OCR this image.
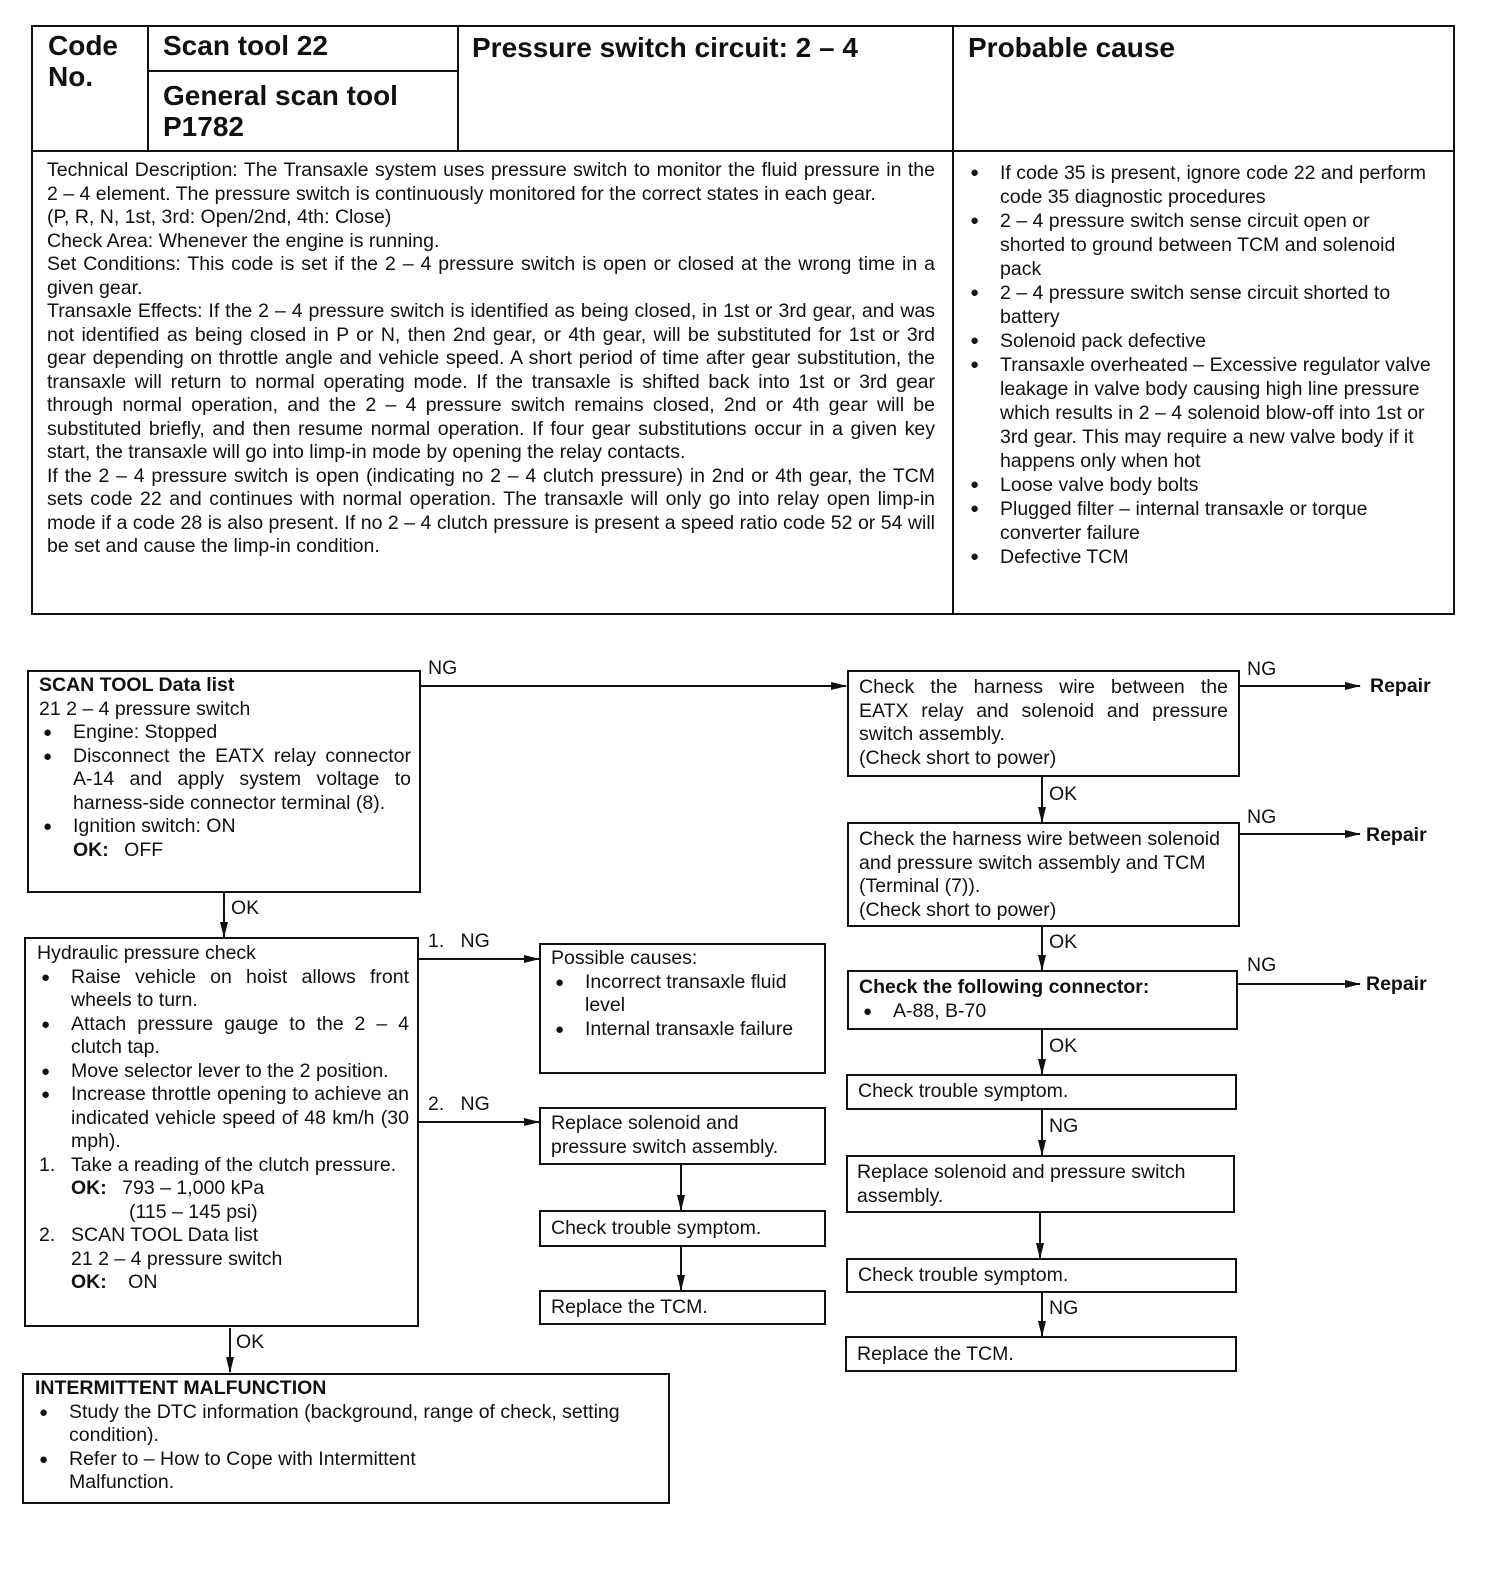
Code No.
Scan tool 22
General scan tool P1782
Pressure switch circuit: 2 – 4	Probable cause
Technical Description: The Transaxle system uses pressure switch to monitor the fluid pressure in the 2 – 4 element. The pressure switch is continuously monitored for the correct states in each gear.
(P, R, N, 1st, 3rd: Open/2nd, 4th: Close)
Check Area: Whenever the engine is running.
Set Conditions: This code is set if the 2 – 4 pressure switch is open or closed at the wrong time in a given gear.
Transaxle Effects: If the 2 – 4 pressure switch is identified as being closed, in 1st or 3rd gear, and was not identified as being closed in P or N, then 2nd gear, or 4th gear, will be substituted for 1st or 3rd gear depending on throttle angle and vehicle speed. A short period of time after gear substitution, the transaxle will return to normal operating mode. If the transaxle is shifted back into 1st or 3rd gear through normal operation, and the 2 – 4 pressure switch remains closed, 2nd or 4th gear will be substituted briefly, and then resume normal operation. If four gear substitutions occur in a given key start, the transaxle will go into limp-in mode by opening the relay contacts.
If the 2 – 4 pressure switch is open (indicating no 2 – 4 clutch pressure) in 2nd or 4th gear, the TCM sets code 22 and continues with normal operation. The transaxle will only go into relay open limp-in mode if a code 28 is also present. If no 2 – 4 clutch pressure is present a speed ratio code 52 or 54 will be set and cause the limp-in condition.
● If code 35 is present, ignore code 22 and perform code 35 diagnostic procedures
● 2 – 4 pressure switch sense circuit open or shorted to ground between TCM and solenoid pack
● 2 – 4 pressure switch sense circuit shorted to battery
● Solenoid pack defective
● Transaxle overheated – Excessive regulator valve leakage in valve body causing high line pressure which results in 2 – 4 solenoid blow-off into 1st or 3rd gear. This may require a new valve body if it happens only when hot
● Loose valve body bolts
● Plugged filter – internal transaxle or torque converter failure
● Defective TCM
SCAN TOOL Data list
21 2 – 4 pressure switch
● Engine: Stopped
● Disconnect the EATX relay connector A-14 and apply system voltage to harness-side connector terminal (8).
● Ignition switch: ON
OK: OFF
Hydraulic pressure check
● Raise vehicle on hoist allows front wheels to turn.
● Attach pressure gauge to the 2 – 4 clutch tap.
● Move selector lever to the 2 position.
● Increase throttle opening to achieve an indicated vehicle speed of 48 km/h (30 mph).
1. Take a reading of the clutch pressure.
OK: 793 – 1,000 kPa
(115 – 145 psi)
2. SCAN TOOL Data list
21 2 – 4 pressure switch
OK: ON
INTERMITTENT MALFUNCTION
● Study the DTC information (background, range of check, setting condition).
● Refer to – How to Cope with Intermittent Malfunction.
Possible causes:
● Incorrect transaxle fluid level
● Internal transaxle failure
Replace solenoid and pressure switch assembly.
Check trouble symptom.
Replace the TCM.
Check the harness wire between the EATX relay and solenoid and pressure switch assembly.
(Check short to power)
Check the harness wire between solenoid and pressure switch assembly and TCM (Terminal (7)).
(Check short to power)
Check the following connector:
● A-88, B-70
Check trouble symptom.
Replace solenoid and pressure switch assembly.
Check trouble symptom.
Replace the TCM.
NG
OK
1.   NG
2.   NG
OK
NG
NG
NG
OK
OK
OK
NG
NG
Repair
Repair
Repair
